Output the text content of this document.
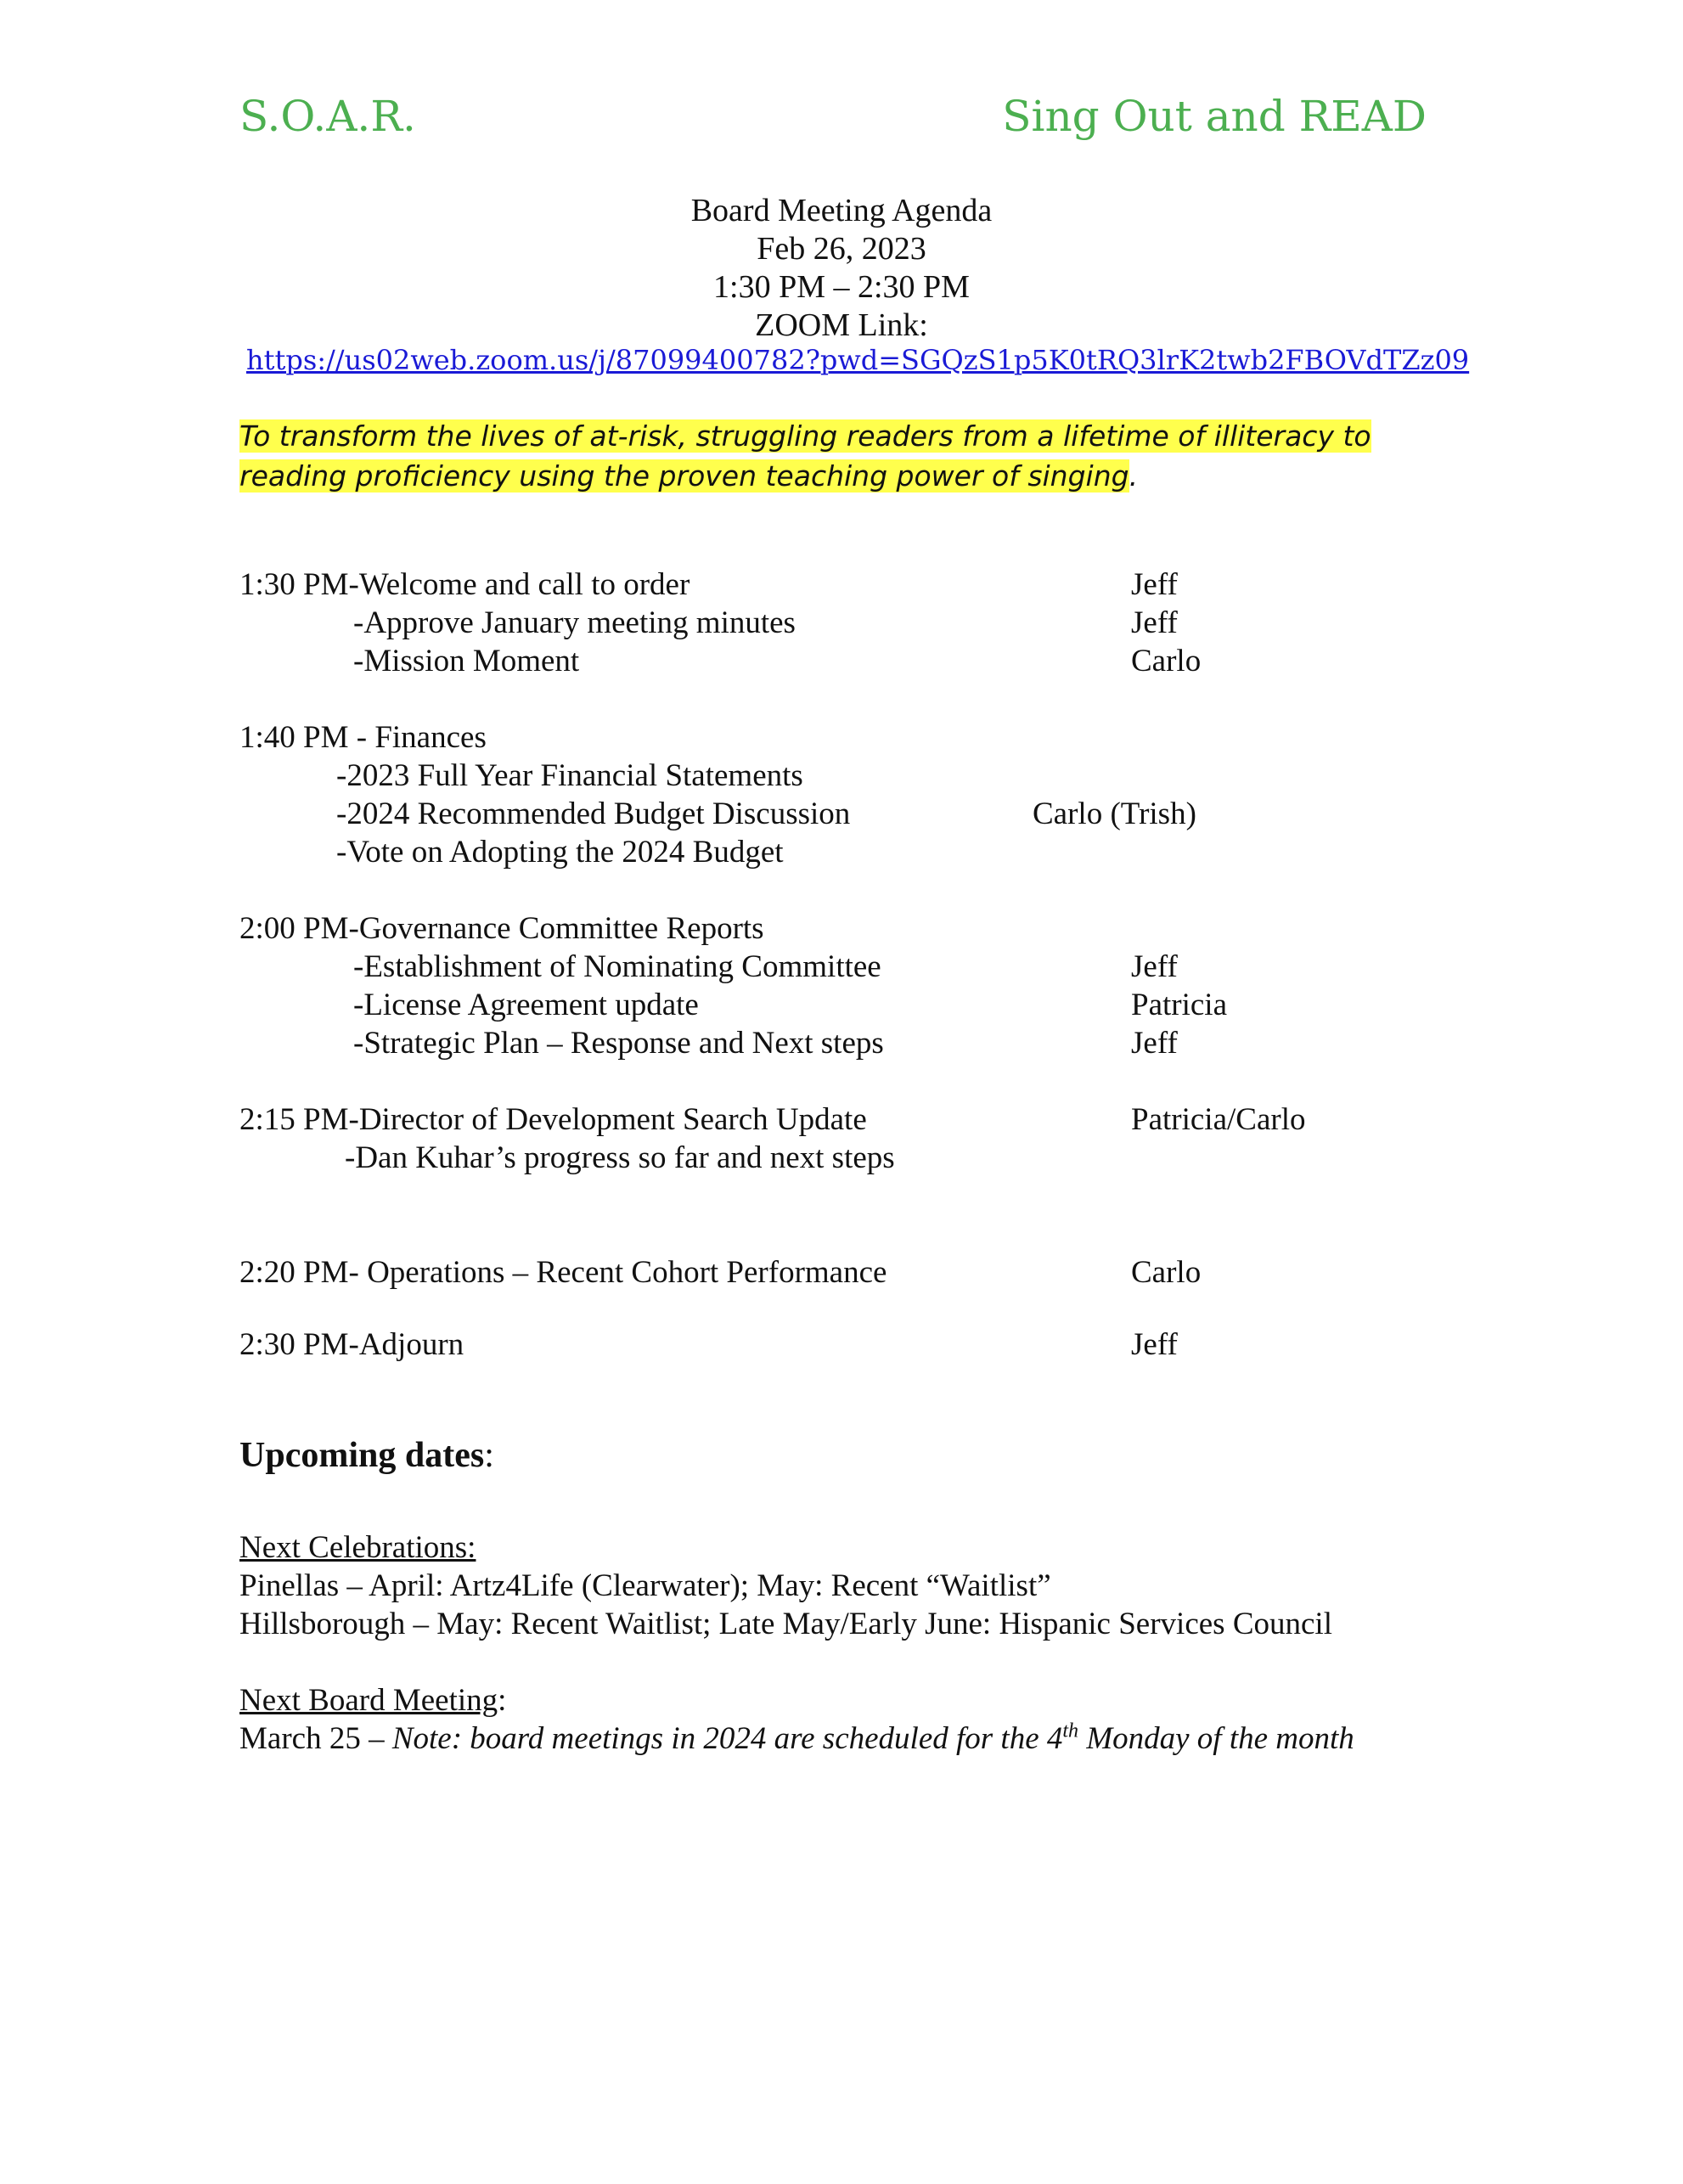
S.O.A.R.	Sing Out and READ
Board Meeting Agenda
Feb 26, 2023
1:30 PM – 2:30 PM
ZOOM Link:
https://us02web.zoom.us/j/87099400782?pwd=SGQzS1p5K0tRQ3lrK2twb2FBOVdTZz09
To transform the lives of at-risk, struggling readers from a lifetime of illiteracy to reading proficiency using the proven teaching power of singing.
1:30 PM-Welcome and call to order	Jeff
-Approve January meeting minutes	Jeff
-Mission Moment	Carlo
1:40 PM - Finances
-2023 Full Year Financial Statements
-2024 Recommended Budget Discussion	Carlo (Trish)
-Vote on Adopting the 2024 Budget
2:00 PM-Governance Committee Reports
-Establishment of Nominating Committee	Jeff
-License Agreement update	Patricia
-Strategic Plan – Response and Next steps	Jeff
2:15 PM-Director of Development Search Update	Patricia/Carlo
-Dan Kuhar’s progress so far and next steps
2:20 PM- Operations – Recent Cohort Performance	Carlo
2:30 PM-Adjourn	Jeff
Upcoming dates:
Next Celebrations:
Pinellas – April: Artz4Life (Clearwater); May: Recent “Waitlist”
Hillsborough – May: Recent Waitlist; Late May/Early June: Hispanic Services Council
Next Board Meeting:
March 25 – Note: board meetings in 2024 are scheduled for the 4th Monday of the month
